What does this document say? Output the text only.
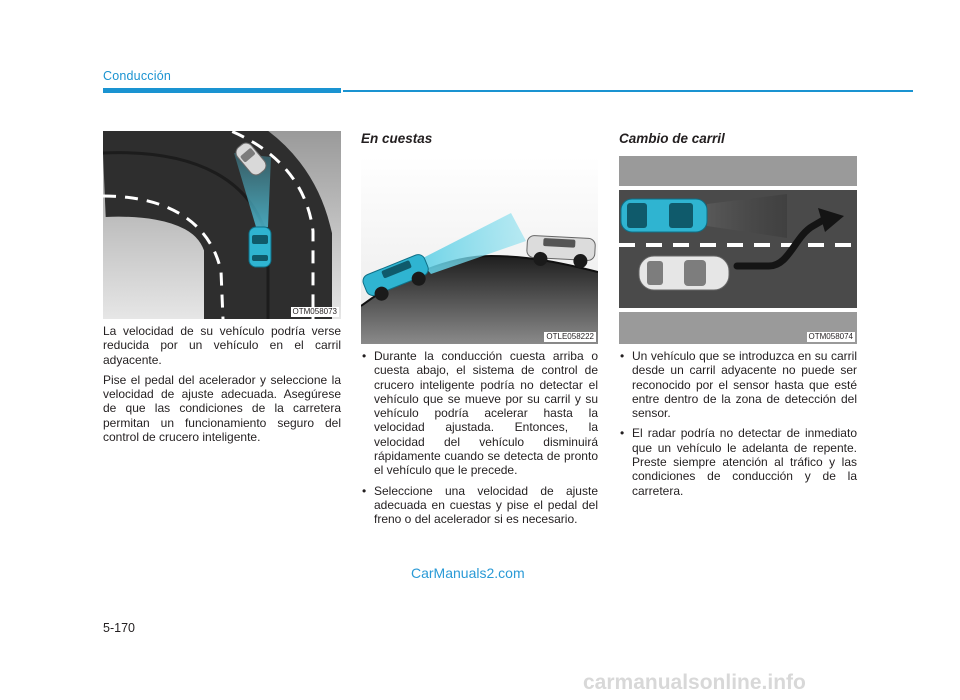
Conducción
OTM058073

La velocidad de su vehículo podría verse reducida por un vehículo en el carril adyacente.

Pise el pedal del acelerador y seleccione la velocidad de ajuste adecuada. Asegúrese de que las condiciones de la carretera permitan un funcionamiento seguro del control de crucero inteligente.

En cuestas
OTLE058222
• Durante la conducción cuesta arriba o cuesta abajo, el sistema de control de crucero inteligente podría no detectar el vehículo que se mueve por su carril y su vehículo podría acelerar hasta la velocidad ajustada. Entonces, la velocidad del vehículo disminuirá rápidamente cuando se detecta de pronto el vehículo que le precede.
• Seleccione una velocidad de ajuste adecuada en cuestas y pise el pedal del freno o del acelerador si es necesario.
Cambio de carril
OTM058074
• Un vehículo que se introduzca en su carril desde un carril adyacente no puede ser reconocido por el sensor hasta que esté entre dentro de la zona de detección del sensor.
• El radar podría no detectar de inmediato que un vehículo le adelanta de repente. Preste siempre atención al tráfico y las condiciones de conducción y de la carretera.
5-170
CarManuals2.com
carmanualsonline.info
